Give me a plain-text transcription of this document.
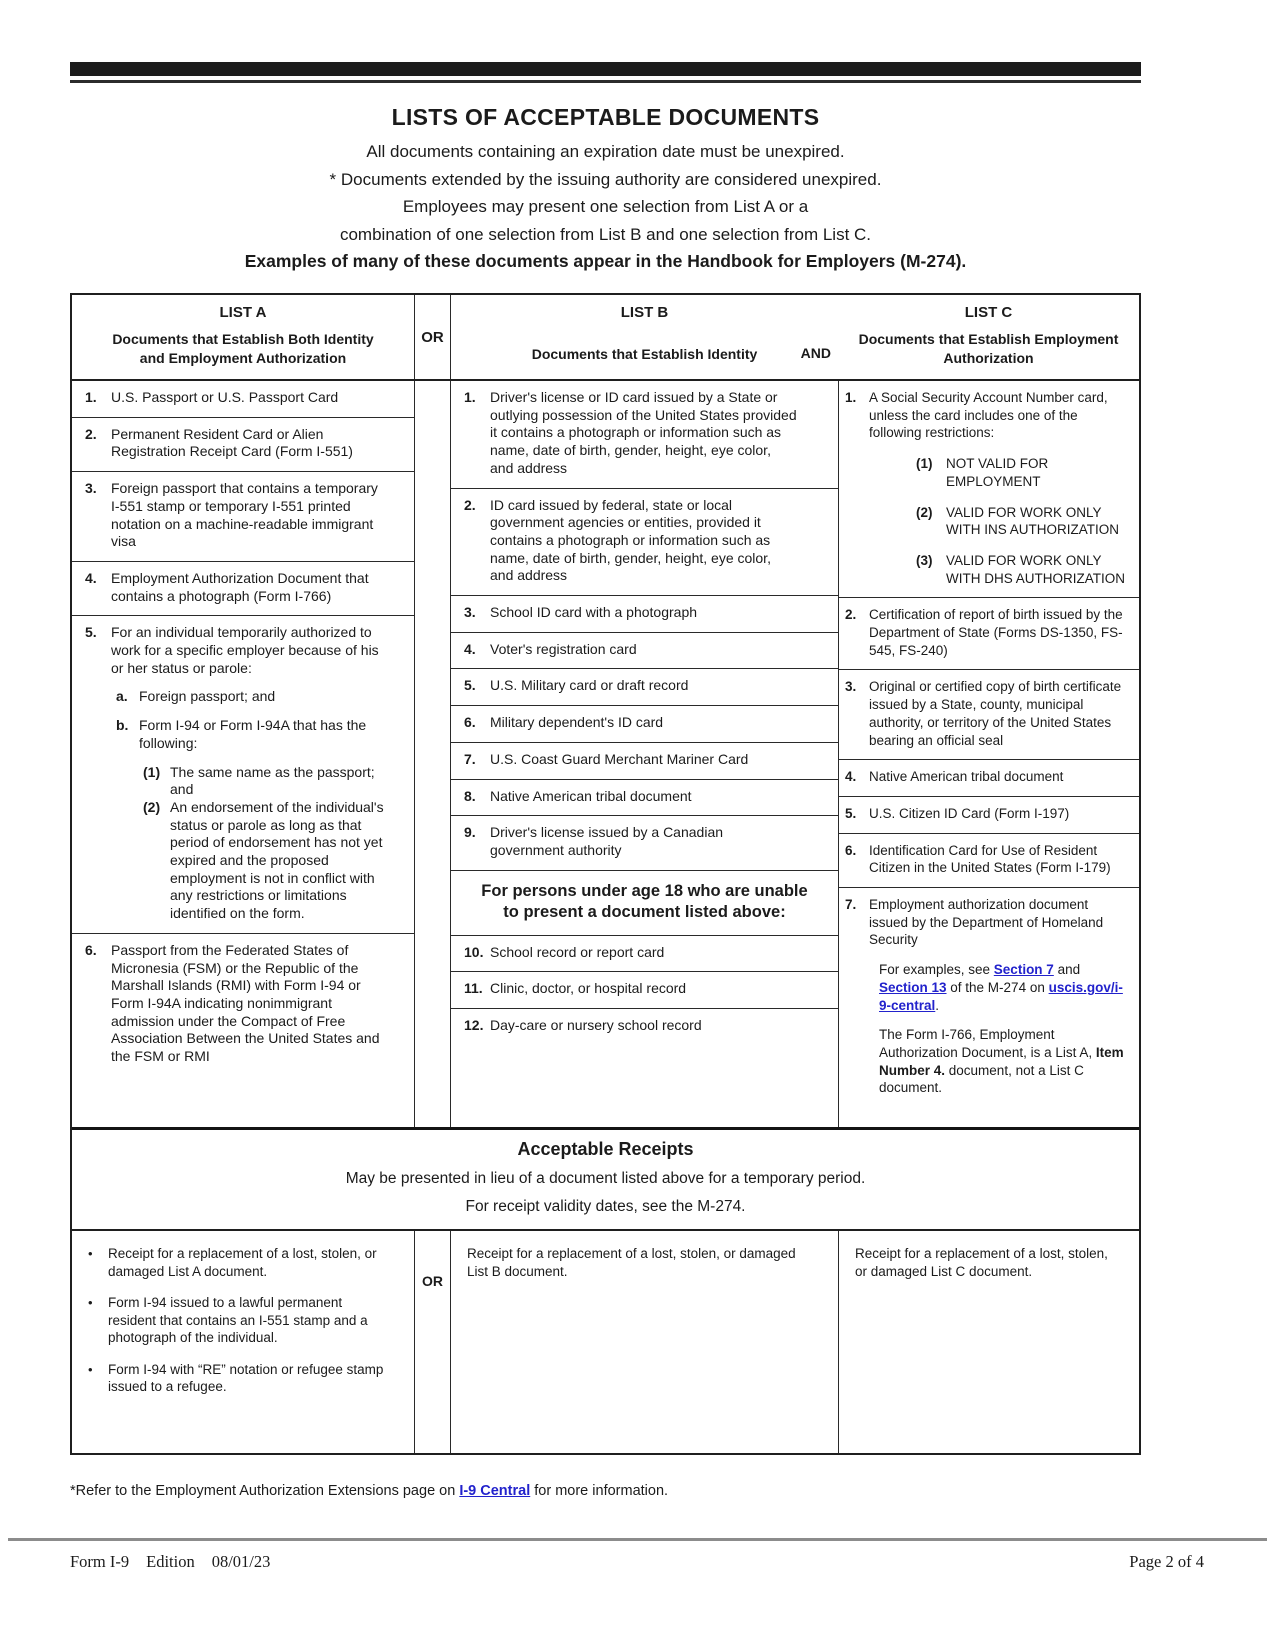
LISTS OF ACCEPTABLE DOCUMENTS
All documents containing an expiration date must be unexpired.
* Documents extended by the issuing authority are considered unexpired.
Employees may present one selection from List A or a
combination of one selection from List B and one selection from List C.
Examples of many of these documents appear in the Handbook for Employers (M-274).
LIST A
Documents that Establish Both Identity
and Employment Authorization
OR
LIST B
Documents that Establish Identity	AND
LIST C
Documents that Establish Employment
Authorization
1.	U.S. Passport or U.S. Passport Card
2.	Permanent Resident Card or Alien Registration Receipt Card (Form I-551)
3.	Foreign passport that contains a temporary I-551 stamp or temporary I-551 printed notation on a machine-readable immigrant visa
4.	Employment Authorization Document that contains a photograph (Form I-766)
5.	For an individual temporarily authorized to work for a specific employer because of his or her status or parole:
a. Foreign passport; and
b. Form I-94 or Form I-94A that has the following:
(1) The same name as the passport; and
(2) An endorsement of the individual's status or parole as long as that period of endorsement has not yet expired and the proposed employment is not in conflict with any restrictions or limitations identified on the form.
6.	Passport from the Federated States of Micronesia (FSM) or the Republic of the Marshall Islands (RMI) with Form I-94 or Form I-94A indicating nonimmigrant admission under the Compact of Free Association Between the United States and the FSM or RMI
1.	Driver's license or ID card issued by a State or outlying possession of the United States provided it contains a photograph or information such as name, date of birth, gender, height, eye color, and address
2.	ID card issued by federal, state or local government agencies or entities, provided it contains a photograph or information such as name, date of birth, gender, height, eye color, and address
3.	School ID card with a photograph
4.	Voter's registration card
5.	U.S. Military card or draft record
6.	Military dependent's ID card
7.	U.S. Coast Guard Merchant Mariner Card
8.	Native American tribal document
9.	Driver's license issued by a Canadian government authority
For persons under age 18 who are unable to present a document listed above:
10. School record or report card
11. Clinic, doctor, or hospital record
12. Day-care or nursery school record
1. A Social Security Account Number card, unless the card includes one of the following restrictions:
(1)	NOT VALID FOR EMPLOYMENT
(2)	VALID FOR WORK ONLY WITH INS AUTHORIZATION
(3)	VALID FOR WORK ONLY WITH DHS AUTHORIZATION
2. Certification of report of birth issued by the Department of State (Forms DS-1350, FS-545, FS-240)
3. Original or certified copy of birth certificate issued by a State, county, municipal authority, or territory of the United States bearing an official seal
4. Native American tribal document
5. U.S. Citizen ID Card (Form I-197)
6. Identification Card for Use of Resident Citizen in the United States (Form I-179)
7. Employment authorization document issued by the Department of Homeland Security
For examples, see Section 7 and Section 13 of the M-274 on uscis.gov/i-9-central.
The Form I-766, Employment Authorization Document, is a List A, Item Number 4. document, not a List C document.
Acceptable Receipts
May be presented in lieu of a document listed above for a temporary period.
For receipt validity dates, see the M-274.
•	Receipt for a replacement of a lost, stolen, or damaged List A document.
•	Form I-94 issued to a lawful permanent resident that contains an I-551 stamp and a photograph of the individual.
•	Form I-94 with “RE” notation or refugee stamp issued to a refugee.
OR
Receipt for a replacement of a lost, stolen, or damaged List B document.
Receipt for a replacement of a lost, stolen, or damaged List C document.
*Refer to the Employment Authorization Extensions page on I-9 Central for more information.
Form I-9 Edition 08/01/23	Page 2 of 4
